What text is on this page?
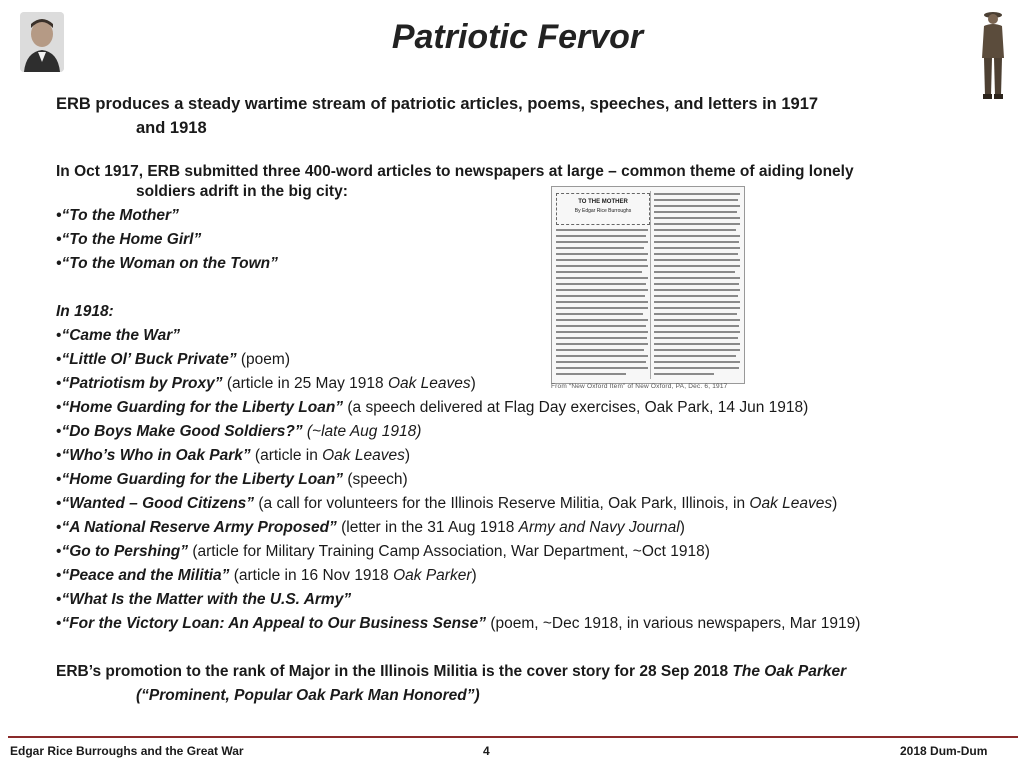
Patriotic Fervor
ERB produces a steady wartime stream of patriotic articles, poems, speeches, and letters in 1917
and 1918
In Oct 1917, ERB submitted three 400-word articles to newspapers at large – common theme of aiding lonely
soldiers adrift in the big city:
•“To the Mother”
•“To the Home Girl”
•“To the Woman on the Town”
In 1918:
•“Came the War”
•“Little Ol’ Buck Private” (poem)
•“Patriotism by Proxy” (article in 25 May 1918 Oak Leaves)
•“Home Guarding for the Liberty Loan” (a speech delivered at Flag Day exercises, Oak Park, 14 Jun 1918)
•“Do Boys Make Good Soldiers?” (~late Aug 1918)
•“Who’s Who in Oak Park” (article in Oak Leaves)
•“Home Guarding for the Liberty Loan” (speech)
•“Wanted – Good Citizens” (a call for volunteers for the Illinois Reserve Militia, Oak Park, Illinois, in Oak Leaves)
•“A National Reserve Army Proposed” (letter in the 31 Aug 1918 Army and Navy Journal)
•“Go to Pershing” (article for Military Training Camp Association, War Department, ~Oct 1918)
•“Peace and the Militia” (article in 16 Nov 1918 Oak Parker)
•“What Is the Matter with the U.S. Army”
•“For the Victory Loan: An Appeal to Our Business Sense” (poem, ~Dec 1918, in various newspapers, Mar 1919)
ERB’s promotion to the rank of Major in the Illinois Militia is the cover story for 28 Sep 2018 The Oak Parker
(“Prominent, Popular Oak Park Man Honored”)
TO THE MOTHER
By Edgar Rice Burroughs
From “New Oxford Item” of New Oxford, PA, Dec. 6, 1917
Edgar Rice Burroughs and the Great War	4	2018 Dum-Dum
